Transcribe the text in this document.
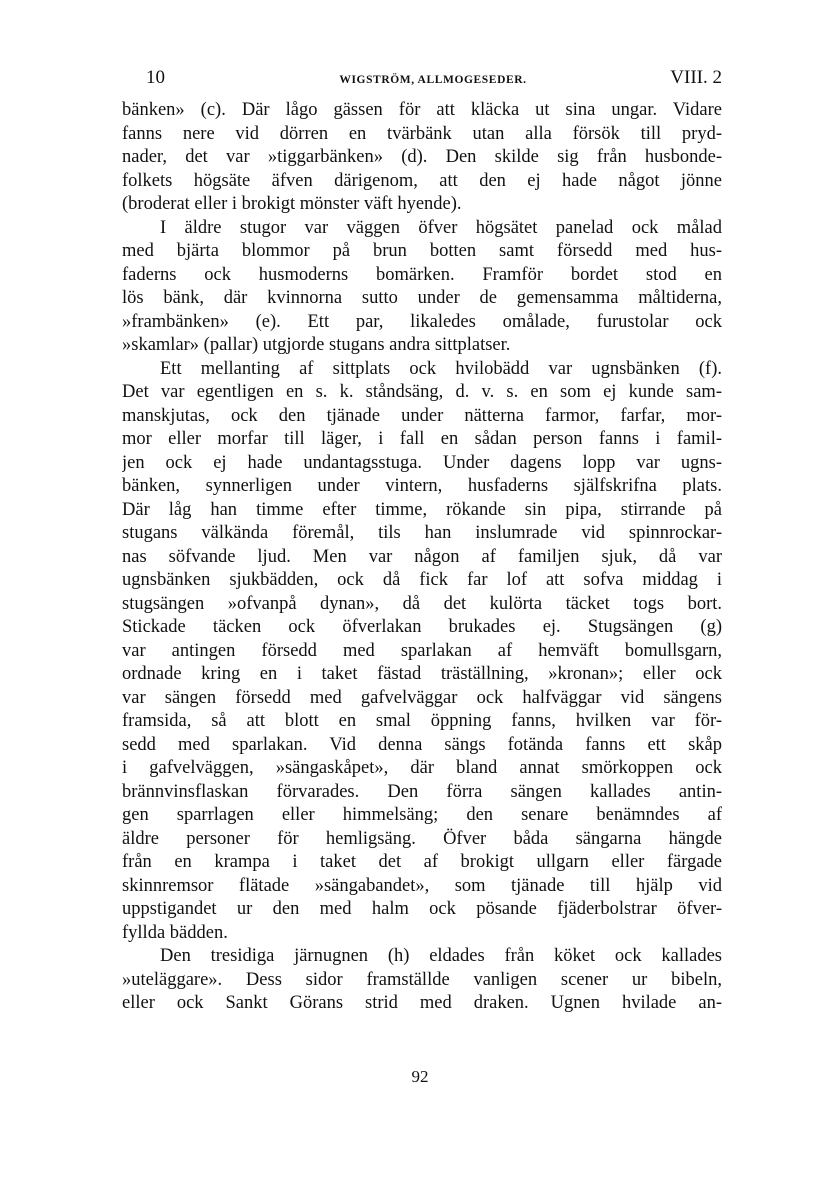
10	WIGSTRÖM, ALLMOGESEDER.	VIII. 2
bänken» (c). Där lågo gässen för att kläcka ut sina ungar. Vidare
fanns nere vid dörren en tvärbänk utan alla försök till pryd-
nader, det var »tiggarbänken» (d). Den skilde sig från husbonde-
folkets högsäte äfven därigenom, att den ej hade något jönne
(broderat eller i brokigt mönster väft hyende).
I äldre stugor var väggen öfver högsätet panelad ock målad
med bjärta blommor på brun botten samt försedd med hus-
faderns ock husmoderns bomärken. Framför bordet stod en
lös bänk, där kvinnorna sutto under de gemensamma måltiderna,
»frambänken» (e). Ett par, likaledes omålade, furustolar ock
»skamlar» (pallar) utgjorde stugans andra sittplatser.
Ett mellanting af sittplats ock hvilobädd var ugnsbänken (f).
Det var egentligen en s. k. ståndsäng, d. v. s. en som ej kunde sam-
manskjutas, ock den tjänade under nätterna farmor, farfar, mor-
mor eller morfar till läger, i fall en sådan person fanns i famil-
jen ock ej hade undantagsstuga. Under dagens lopp var ugns-
bänken, synnerligen under vintern, husfaderns själfskrifna plats.
Där låg han timme efter timme, rökande sin pipa, stirrande på
stugans välkända föremål, tils han inslumrade vid spinnrockar-
nas söfvande ljud. Men var någon af familjen sjuk, då var
ugnsbänken sjukbädden, ock då fick far lof att sofva middag i
stugsängen »ofvanpå dynan», då det kulörta täcket togs bort.
Stickade täcken ock öfverlakan brukades ej. Stugsängen (g)
var antingen försedd med sparlakan af hemväft bomullsgarn,
ordnade kring en i taket fästad träställning, »kronan»; eller ock
var sängen försedd med gafvelväggar ock halfväggar vid sängens
framsida, så att blott en smal öppning fanns, hvilken var för-
sedd med sparlakan. Vid denna sängs fotända fanns ett skåp
i gafvelväggen, »sängaskåpet», där bland annat smörkoppen ock
brännvinsflaskan förvarades. Den förra sängen kallades antin-
gen sparrlagen eller himmelsäng; den senare benämndes af
äldre personer för hemligsäng. Öfver båda sängarna hängde
från en krampa i taket det af brokigt ullgarn eller färgade
skinnremsor flätade »sängabandet», som tjänade till hjälp vid
uppstigandet ur den med halm ock pösande fjäderbolstrar öfver-
fyllda bädden.
Den tresidiga järnugnen (h) eldades från köket ock kallades
»uteläggare». Dess sidor framställde vanligen scener ur bibeln,
eller ock Sankt Görans strid med draken. Ugnen hvilade an-
92
